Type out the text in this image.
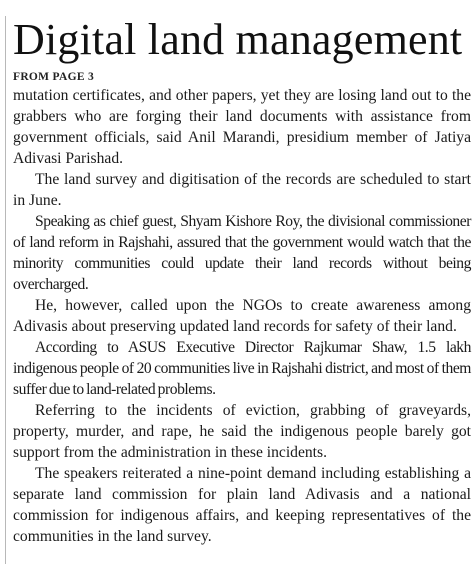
Digital land management
FROM PAGE 3

mutation certificates, and other papers, yet they are losing land out to the grabbers who are forging their land documents with assistance from government officials, said Anil Marandi, presidium member of Jatiya Adivasi Parishad.

The land survey and digitisation of the records are scheduled to start in June.

Speaking as chief guest, Shyam Kishore Roy, the divisional commissioner of land reform in Rajshahi, assured that the government would watch that the minority communities could update their land records without being overcharged.

He, however, called upon the NGOs to create awareness among Adivasis about preserving updated land records for safety of their land.

According to ASUS Executive Director Rajkumar Shaw, 1.5 lakh indigenous people of 20 communities live in Rajshahi district, and most of them suffer due to land-related problems.

Referring to the incidents of eviction, grabbing of graveyards, property, murder, and rape, he said the indigenous people barely got support from the administration in these incidents.

The speakers reiterated a nine-point demand including establishing a separate land commission for plain land Adivasis and a national commission for indigenous affairs, and keeping representatives of the communities in the land survey.
